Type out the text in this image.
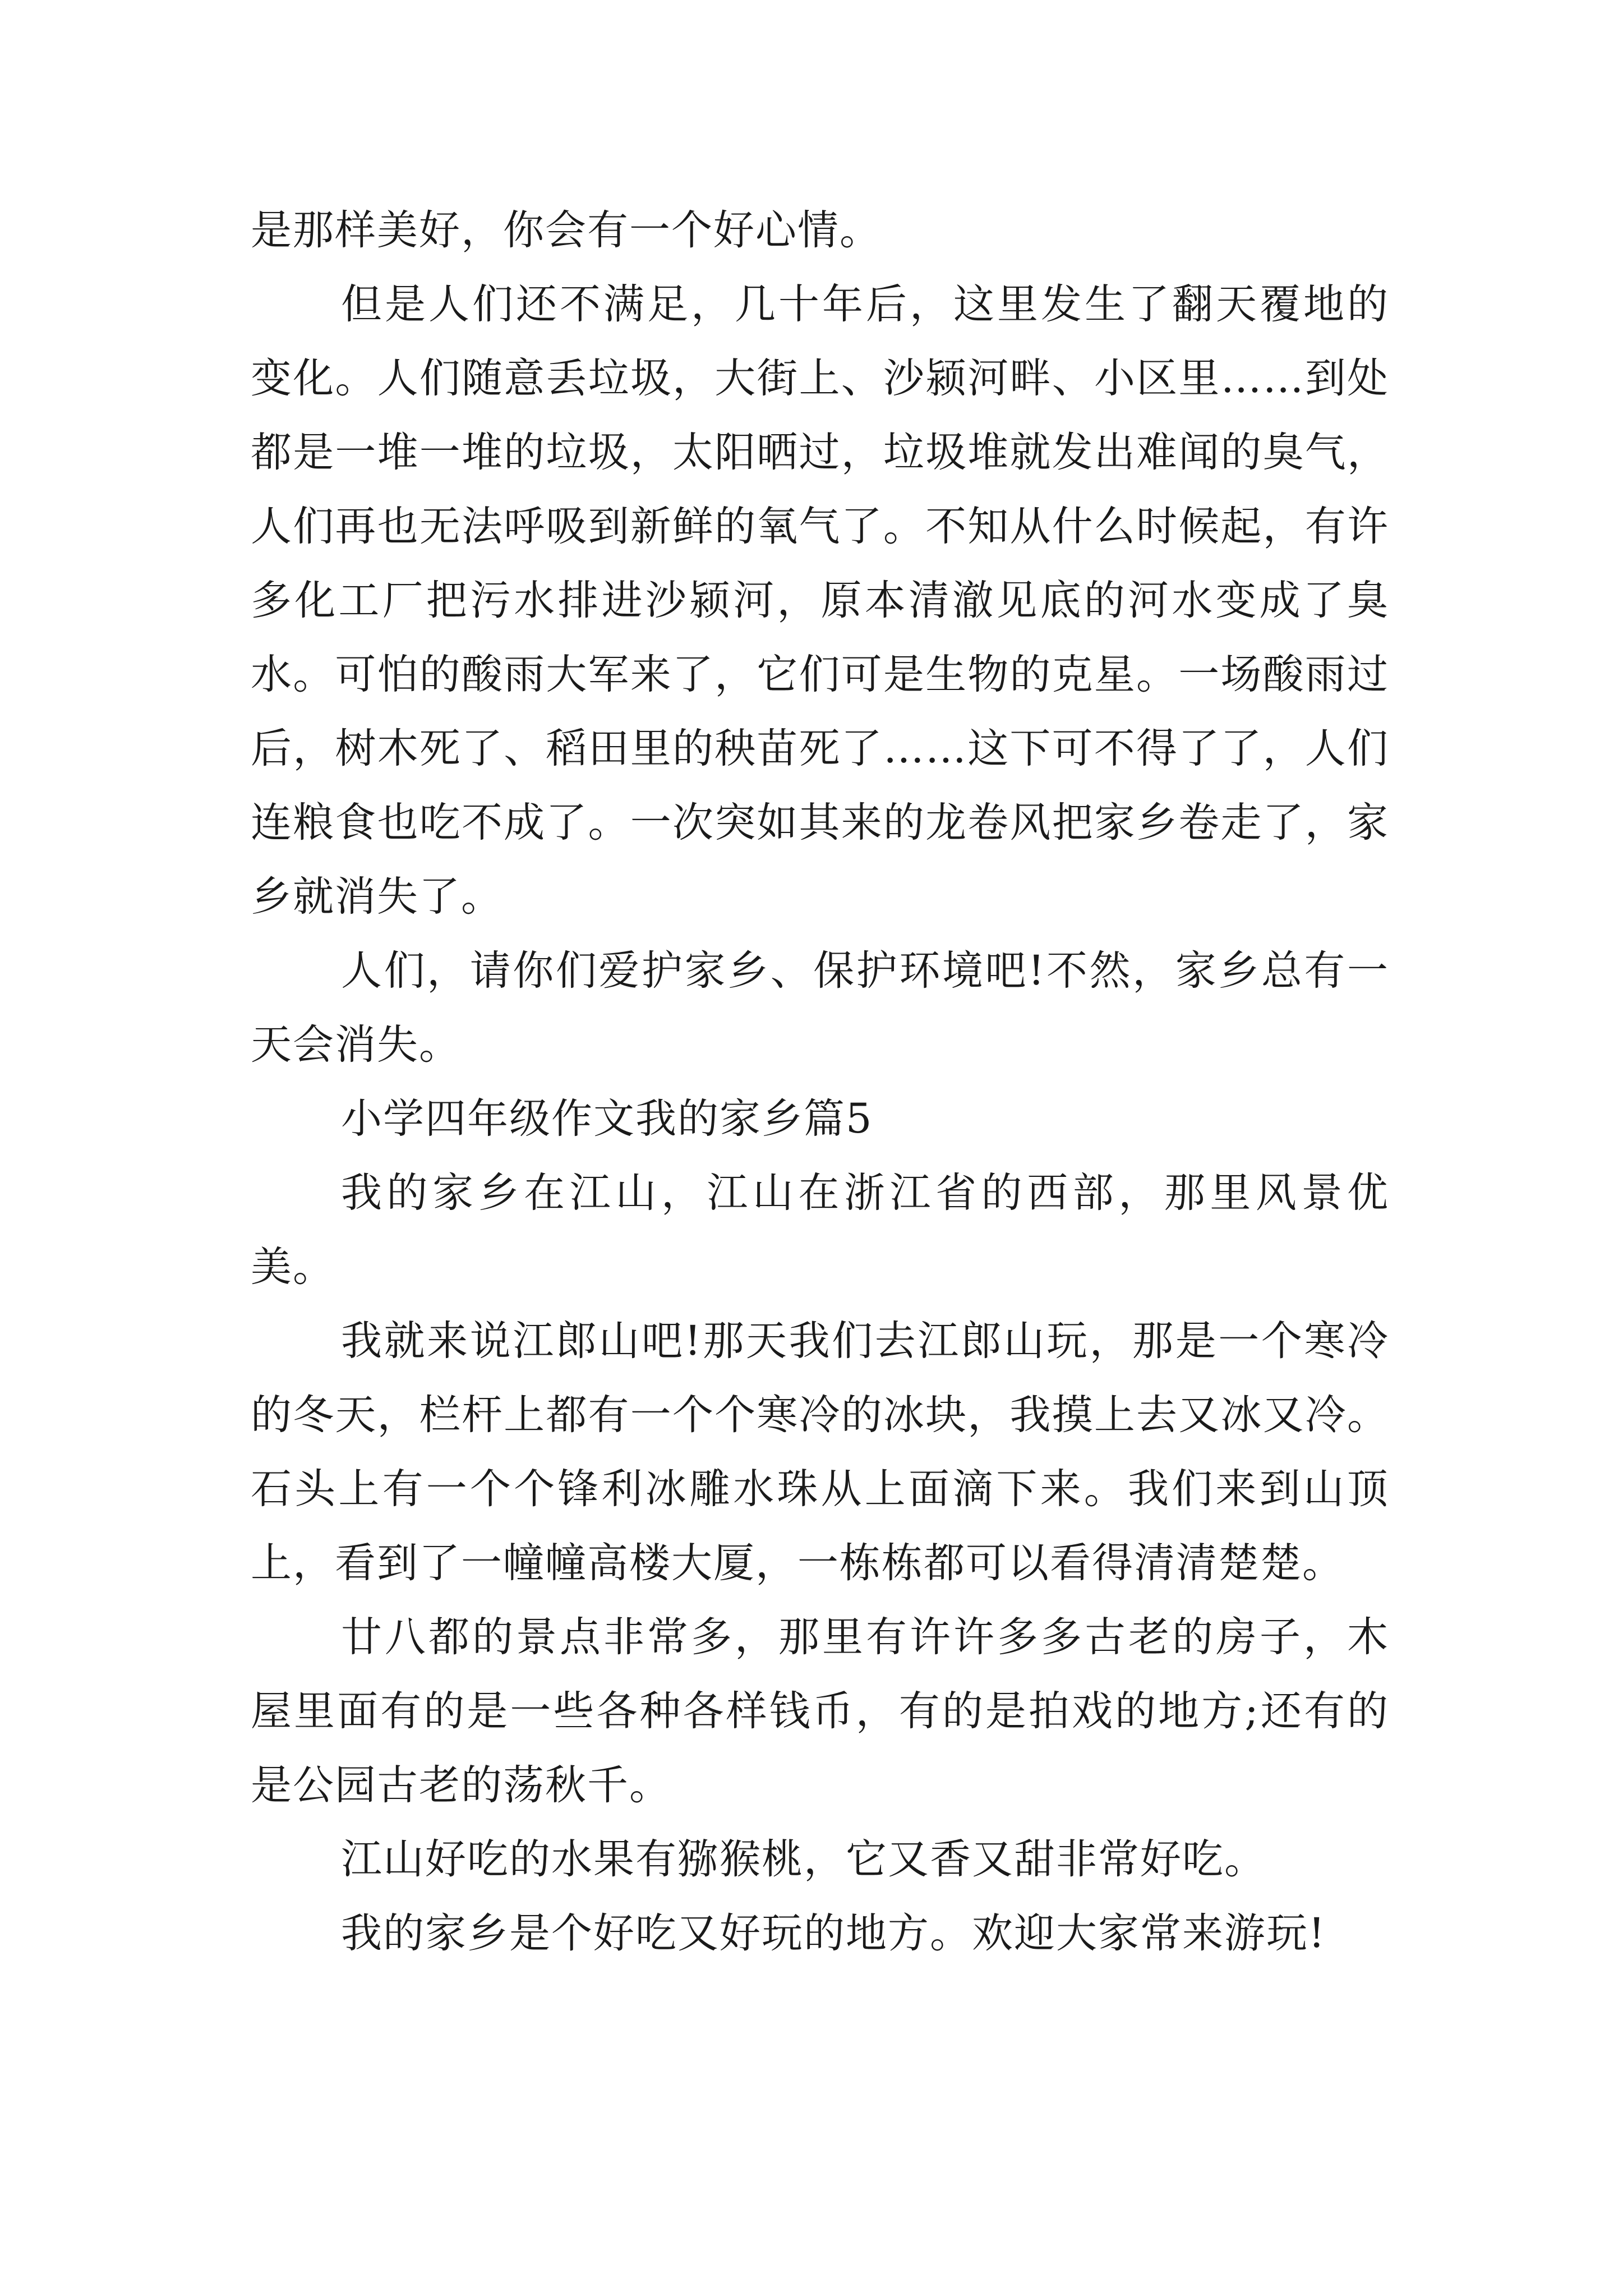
是那样美好，你会有一个好心情。

但是人们还不满足，几十年后，这里发生了翻天覆地的变化。人们随意丢垃圾，大街上、沙颍河畔、小区里……到处都是一堆一堆的垃圾，太阳晒过，垃圾堆就发出难闻的臭气，人们再也无法呼吸到新鲜的氧气了。不知从什么时候起，有许多化工厂把污水排进沙颍河，原本清澈见底的河水变成了臭水。可怕的酸雨大军来了，它们可是生物的克星。一场酸雨过后，树木死了、稻田里的秧苗死了……这下可不得了了，人们连粮食也吃不成了。一次突如其来的龙卷风把家乡卷走了，家乡就消失了。

人们，请你们爱护家乡、保护环境吧!不然，家乡总有一天会消失。

小学四年级作文我的家乡篇5

我的家乡在江山，江山在浙江省的西部，那里风景优美。

我就来说江郎山吧!那天我们去江郎山玩，那是一个寒冷的冬天，栏杆上都有一个个寒冷的冰块，我摸上去又冰又冷。石头上有一个个锋利冰雕水珠从上面滴下来。我们来到山顶上，看到了一幢幢高楼大厦，一栋栋都可以看得清清楚楚。

廿八都的景点非常多，那里有许许多多古老的房子，木屋里面有的是一些各种各样钱币，有的是拍戏的地方;还有的是公园古老的荡秋千。

江山好吃的水果有猕猴桃，它又香又甜非常好吃。

我的家乡是个好吃又好玩的地方。欢迎大家常来游玩!
